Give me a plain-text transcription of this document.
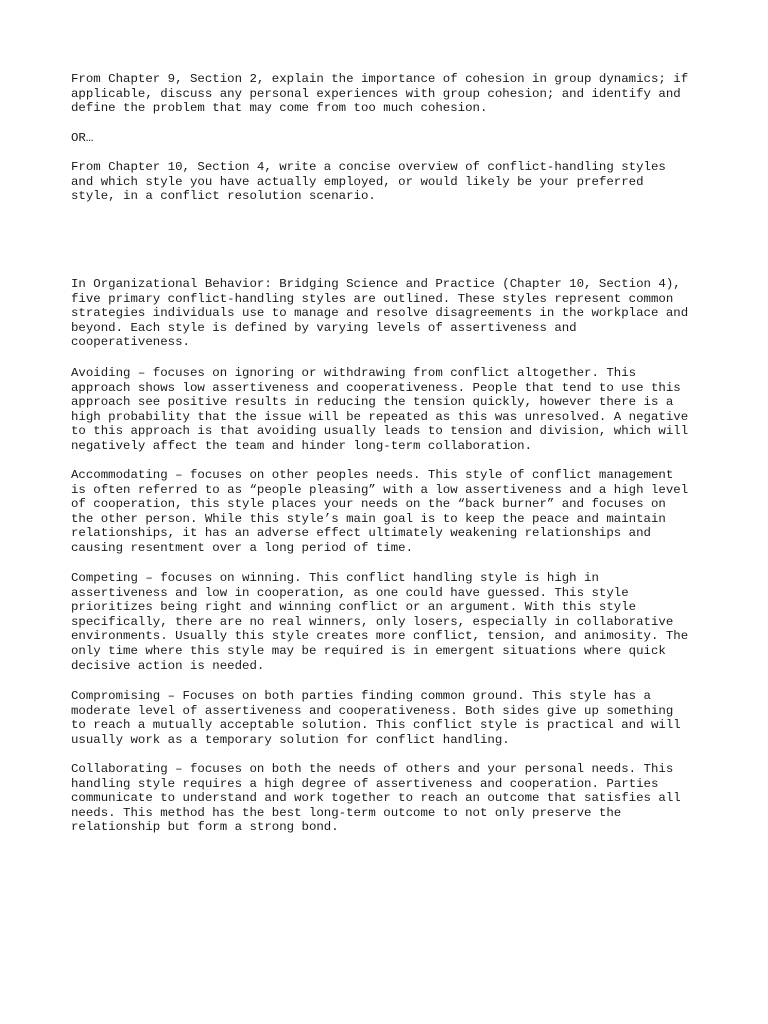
From Chapter 9, Section 2, explain the importance of cohesion in group dynamics; if
applicable, discuss any personal experiences with group cohesion; and identify and
define the problem that may come from too much cohesion.

OR…

From Chapter 10, Section 4, write a concise overview of conflict-handling styles
and which style you have actually employed, or would likely be your preferred
style, in a conflict resolution scenario.

In Organizational Behavior: Bridging Science and Practice (Chapter 10, Section 4),
five primary conflict-handling styles are outlined. These styles represent common
strategies individuals use to manage and resolve disagreements in the workplace and
beyond. Each style is defined by varying levels of assertiveness and
cooperativeness.

Avoiding – focuses on ignoring or withdrawing from conflict altogether. This
approach shows low assertiveness and cooperativeness. People that tend to use this
approach see positive results in reducing the tension quickly, however there is a
high probability that the issue will be repeated as this was unresolved. A negative
to this approach is that avoiding usually leads to tension and division, which will
negatively affect the team and hinder long-term collaboration.

Accommodating – focuses on other peoples needs. This style of conflict management
is often referred to as “people pleasing” with a low assertiveness and a high level
of cooperation, this style places your needs on the “back burner” and focuses on
the other person. While this style’s main goal is to keep the peace and maintain
relationships, it has an adverse effect ultimately weakening relationships and
causing resentment over a long period of time.

Competing – focuses on winning. This conflict handling style is high in
assertiveness and low in cooperation, as one could have guessed. This style
prioritizes being right and winning conflict or an argument. With this style
specifically, there are no real winners, only losers, especially in collaborative
environments. Usually this style creates more conflict, tension, and animosity. The
only time where this style may be required is in emergent situations where quick
decisive action is needed.

Compromising – Focuses on both parties finding common ground. This style has a
moderate level of assertiveness and cooperativeness. Both sides give up something
to reach a mutually acceptable solution. This conflict style is practical and will
usually work as a temporary solution for conflict handling.

Collaborating – focuses on both the needs of others and your personal needs. This
handling style requires a high degree of assertiveness and cooperation. Parties
communicate to understand and work together to reach an outcome that satisfies all
needs. This method has the best long-term outcome to not only preserve the
relationship but form a strong bond.
